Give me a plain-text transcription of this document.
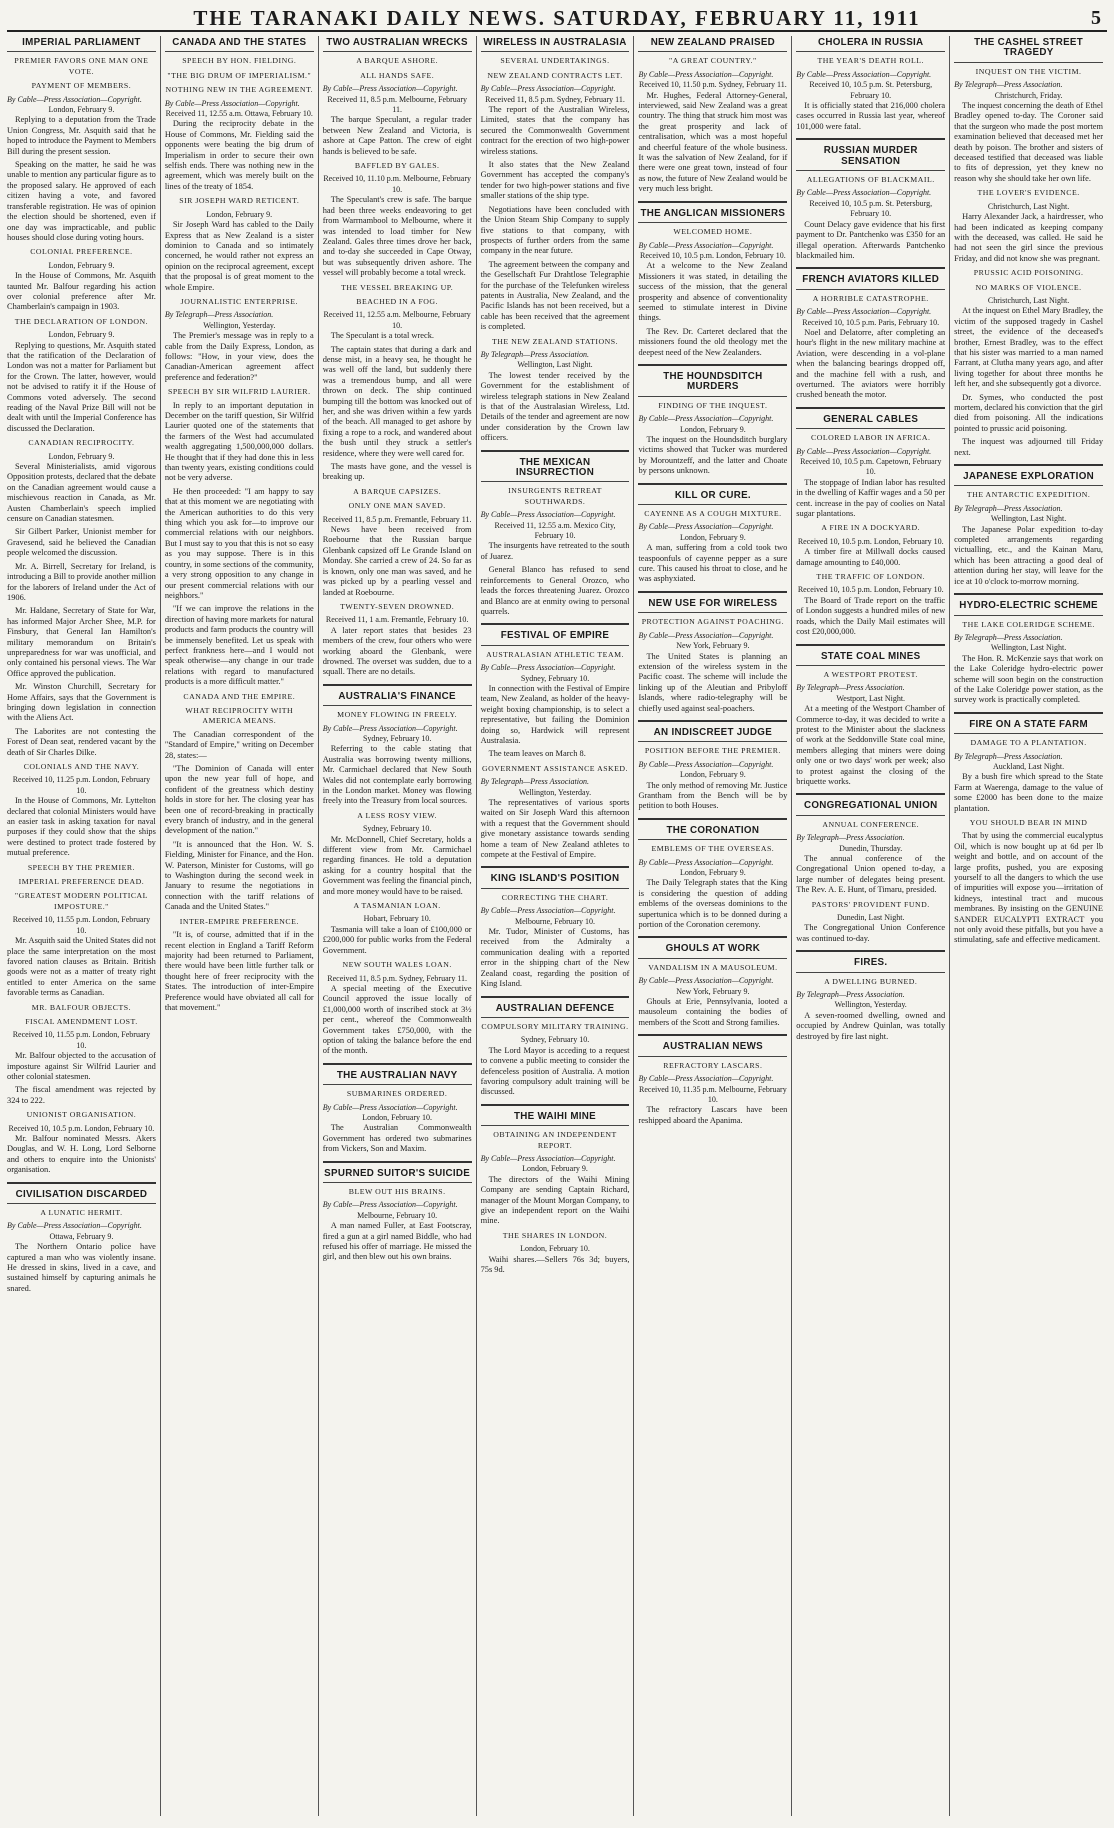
THE TARANAKI DAILY NEWS. SATURDAY, FEBRUARY 11, 1911	5
IMPERIAL PARLIAMENT
PREMIER FAVORS ONE MAN ONE VOTE.
PAYMENT OF MEMBERS.
By Cable—Press Association—Copyright.
London, February 9.

Replying to a deputation from the Trade Union Congress, Mr. Asquith said that he hoped to introduce the Payment to Members Bill during the present session.

Speaking on the matter, he said he was unable to mention any particular figure as to the proposed salary. He approved of each citizen having a vote, and favored transferable registration. He was of opinion the election should be shortened, even if one day was impracticable, and public houses should close during voting hours.

COLONIAL PREFERENCE.
London, February 9.

In the House of Commons, Mr. Asquith taunted Mr. Balfour regarding his action over colonial preference after Mr. Chamberlain's campaign in 1903.

THE DECLARATION OF LONDON.
London, February 9.

Replying to questions, Mr. Asquith stated that the ratification of the Declaration of London was not a matter for Parliament but for the Crown. The latter, however, would not be advised to ratify it if the House of Commons voted adversely. The second reading of the Naval Prize Bill will not be dealt with until the Imperial Conference has discussed the Declaration.

CANADIAN RECIPROCITY.
London, February 9.

Several Ministerialists, amid vigorous Opposition protests, declared that the debate on the Canadian agreement would cause a mischievous reaction in Canada, as Mr. Austen Chamberlain's speech implied censure on Canadian statesmen.

Sir Gilbert Parker, Unionist member for Gravesend, said he believed the Canadian people welcomed the discussion.

Mr. A. Birrell, Secretary for Ireland, is introducing a Bill to provide another million for the laborers of Ireland under the Act of 1906.

Mr. Haldane, Secretary of State for War, has informed Major Archer Shee, M.P. for Finsbury, that General Ian Hamilton's military memorandum on Britain's unpreparedness for war was unofficial, and only contained his personal views. The War Office approved the publication.

Mr. Winston Churchill, Secretary for Home Affairs, says that the Government is bringing down legislation in connection with the Aliens Act.

The Laborites are not contesting the Forest of Dean seat, rendered vacant by the death of Sir Charles Dilke.

COLONIALS AND THE NAVY.
Received 10, 11.25 p.m. London, February 10.

In the House of Commons, Mr. Lyttelton declared that colonial Ministers would have an easier task in asking taxation for naval purposes if they could show that the ships were destined to protect trade fostered by mutual preference.

SPEECH BY THE PREMIER.
IMPERIAL PREFERENCE DEAD.
"GREATEST MODERN POLITICAL IMPOSTURE."
Received 10, 11.55 p.m. London, February 10.

Mr. Asquith said the United States did not place the same interpretation on the most favored nation clauses as Britain. British goods were not as a matter of treaty right entitled to enter America on the same favorable terms as Canadian.

MR. BALFOUR OBJECTS.
FISCAL AMENDMENT LOST.
Received 10, 11.55 p.m. London, February 10.

Mr. Balfour objected to the accusation of imposture against Sir Wilfrid Laurier and other colonial statesmen.

The fiscal amendment was rejected by 324 to 222.

UNIONIST ORGANISATION.
Received 10, 10.5 p.m. London, February 10.

Mr. Balfour nominated Messrs. Akers Douglas, and W. H. Long, Lord Selborne and others to enquire into the Unionists' organisation.

CIVILISATION DISCARDED
A LUNATIC HERMIT.
By Cable—Press Association—Copyright.
Ottawa, February 9.

The Northern Ontario police have captured a man who was violently insane. He dressed in skins, lived in a cave, and sustained himself by capturing animals he snared.

CANADA AND THE STATES
SPEECH BY HON. FIELDING.
"THE BIG DRUM OF IMPERIALISM."
NOTHING NEW IN THE AGREEMENT.
By Cable—Press Association—Copyright.
Received 11, 12.55 a.m. Ottawa, February 10.

During the reciprocity debate in the House of Commons, Mr. Fielding said the opponents were beating the big drum of Imperialism in order to secure their own selfish ends. There was nothing new in the agreement, which was merely built on the lines of the treaty of 1854.

SIR JOSEPH WARD RETICENT.
London, February 9.

Sir Joseph Ward has cabled to the Daily Express that as New Zealand is a sister dominion to Canada and so intimately concerned, he would rather not express an opinion on the reciprocal agreement, except that the proposal is of great moment to the whole Empire.

JOURNALISTIC ENTERPRISE.
By Telegraph—Press Association.
Wellington, Yesterday.

The Premier's message was in reply to a cable from the Daily Express, London, as follows: "How, in your view, does the Canadian-American agreement affect preference and federation?"

SPEECH BY SIR WILFRID LAURIER.

In reply to an important deputation in December on the tariff question, Sir Wilfrid Laurier quoted one of the statements that the farmers of the West had accumulated wealth aggregating 1,500,000,000 dollars. He thought that if they had done this in less than twenty years, existing conditions could not be very adverse.

He then proceeded: "I am happy to say that at this moment we are negotiating with the American authorities to do this very thing which you ask for—to improve our commercial relations with our neighbors. But I must say to you that this is not so easy as you may suppose. There is in this country, in some sections of the community, a very strong opposition to any change in our present commercial relations with our neighbors."

"If we can improve the relations in the direction of having more markets for natural products and farm products the country will be immensely benefited. Let us speak with perfect frankness here—and I would not speak otherwise—any change in our trade relations with regard to manufactured products is a more difficult matter."

CANADA AND THE EMPIRE.
WHAT RECIPROCITY WITH AMERICA MEANS.

The Canadian correspondent of the "Standard of Empire," writing on December 28, states:—

"The Dominion of Canada will enter upon the new year full of hope, and confident of the greatness which destiny holds in store for her. The closing year has been one of record-breaking in practically every branch of industry, and in the general development of the nation."

"It is announced that the Hon. W. S. Fielding, Minister for Finance, and the Hon. W. Paterson, Minister for Customs, will go to Washington during the second week in January to resume the negotiations in connection with the tariff relations of Canada and the United States."

INTER-EMPIRE PREFERENCE.

"It is, of course, admitted that if in the recent election in England a Tariff Reform majority had been returned to Parliament, there would have been little further talk or thought here of freer reciprocity with the States. The introduction of inter-Empire Preference would have obviated all call for that movement."

TWO AUSTRALIAN WRECKS
A BARQUE ASHORE.
ALL HANDS SAFE.
By Cable—Press Association—Copyright.
Received 11, 8.5 p.m. Melbourne, February 11.

The barque Speculant, a regular trader between New Zealand and Victoria, is ashore at Cape Patton. The crew of eight hands is believed to be safe.

BAFFLED BY GALES.
Received 10, 11.10 p.m. Melbourne, February 10.

The Speculant's crew is safe. The barque had been three weeks endeavoring to get from Warrnambool to Melbourne, where it was intended to load timber for New Zealand. Gales three times drove her back, and to-day she succeeded in Cape Otway, but was subsequently driven ashore. The vessel will probably become a total wreck.

THE VESSEL BREAKING UP.
BEACHED IN A FOG.
Received 11, 12.55 a.m. Melbourne, February 10.

The Speculant is a total wreck.

The captain states that during a dark and dense mist, in a heavy sea, he thought he was well off the land, but suddenly there was a tremendous bump, and all were thrown on deck. The ship continued bumping till the bottom was knocked out of her, and she was driven within a few yards of the beach. All managed to get ashore by fixing a rope to a rock, and wandered about the bush until they struck a settler's residence, where they were well cared for.

The masts have gone, and the vessel is breaking up.

A BARQUE CAPSIZES.
ONLY ONE MAN SAVED.
Received 11, 8.5 p.m. Fremantle, February 11.

News have been received from Roebourne that the Russian barque Glenbank capsized off Le Grande Island on Monday. She carried a crew of 24. So far as is known, only one man was saved, and he was picked up by a pearling vessel and landed at Roebourne.

TWENTY-SEVEN DROWNED.
Received 11, 1 a.m. Fremantle, February 10.

A later report states that besides 23 members of the crew, four others who were working aboard the Glenbank, were drowned. The overset was sudden, due to a squall. There are no details.

AUSTRALIA'S FINANCE
MONEY FLOWING IN FREELY.
By Cable—Press Association—Copyright.
Sydney, February 10.

Referring to the cable stating that Australia was borrowing twenty millions, Mr. Carmichael declared that New South Wales did not contemplate early borrowing in the London market. Money was flowing freely into the Treasury from local sources.

A LESS ROSY VIEW.
Sydney, February 10.

Mr. McDonnell, Chief Secretary, holds a different view from Mr. Carmichael regarding finances. He told a deputation asking for a country hospital that the Government was feeling the financial pinch, and more money would have to be raised.

A TASMANIAN LOAN.
Hobart, February 10.

Tasmania will take a loan of £100,000 or £200,000 for public works from the Federal Government.

NEW SOUTH WALES LOAN.
Received 11, 8.5 p.m. Sydney, February 11.

A special meeting of the Executive Council approved the issue locally of £1,000,000 worth of inscribed stock at 3½ per cent., whereof the Commonwealth Government takes £750,000, with the option of taking the balance before the end of the month.

THE AUSTRALIAN NAVY
SUBMARINES ORDERED.
By Cable—Press Association—Copyright.
London, February 10.

The Australian Commonwealth Government has ordered two submarines from Vickers, Son and Maxim.

SPURNED SUITOR'S SUICIDE
BLEW OUT HIS BRAINS.
By Cable—Press Association—Copyright.
Melbourne, February 10.

A man named Fuller, at East Footscray, fired a gun at a girl named Biddle, who had refused his offer of marriage. He missed the girl, and then blew out his own brains.

WIRELESS IN AUSTRALASIA
SEVERAL UNDERTAKINGS.
NEW ZEALAND CONTRACTS LET.
By Cable—Press Association—Copyright.
Received 11, 8.5 p.m. Sydney, February 11.

The report of the Australian Wireless, Limited, states that the company has secured the Commonwealth Government contract for the erection of two high-power wireless stations.

It also states that the New Zealand Government has accepted the company's tender for two high-power stations and five smaller stations of the ship type.

Negotiations have been concluded with the Union Steam Ship Company to supply five stations to that company, with prospects of further orders from the same company in the near future.

The agreement between the company and the Gesellschaft Fur Drahtlose Telegraphie for the purchase of the Telefunken wireless patents in Australia, New Zealand, and the Pacific Islands has not been received, but a cable has been received that the agreement is completed.

THE NEW ZEALAND STATIONS.
By Telegraph—Press Association.
Wellington, Last Night.

The lowest tender received by the Government for the establishment of wireless telegraph stations in New Zealand is that of the Australasian Wireless, Ltd. Details of the tender and agreement are now under consideration by the Crown law officers.

THE MEXICAN INSURRECTION
INSURGENTS RETREAT SOUTHWARDS.
By Cable—Press Association—Copyright.
Received 11, 12.55 a.m. Mexico City, February 10.

The insurgents have retreated to the south of Juarez.

General Blanco has refused to send reinforcements to General Orozco, who leads the forces threatening Juarez. Orozco and Blanco are at enmity owing to personal quarrels.

FESTIVAL OF EMPIRE
AUSTRALASIAN ATHLETIC TEAM.
By Cable—Press Association—Copyright.
Sydney, February 10.

In connection with the Festival of Empire team, New Zealand, as holder of the heavy-weight boxing championship, is to select a representative, but failing the Dominion doing so, Hardwick will represent Australasia.

The team leaves on March 8.

GOVERNMENT ASSISTANCE ASKED.
By Telegraph—Press Association.
Wellington, Yesterday.

The representatives of various sports waited on Sir Joseph Ward this afternoon with a request that the Government should give monetary assistance towards sending home a team of New Zealand athletes to compete at the Festival of Empire.

KING ISLAND'S POSITION
CORRECTING THE CHART.
By Cable—Press Association—Copyright.
Melbourne, February 10.

Mr. Tudor, Minister of Customs, has received from the Admiralty a communication dealing with a reported error in the shipping chart of the New Zealand coast, regarding the position of King Island.

AUSTRALIAN DEFENCE
COMPULSORY MILITARY TRAINING.
Sydney, February 10.

The Lord Mayor is acceding to a request to convene a public meeting to consider the defenceless position of Australia. A motion favoring compulsory adult training will be discussed.

THE WAIHI MINE
OBTAINING AN INDEPENDENT REPORT.
By Cable—Press Association—Copyright.
London, February 9.

The directors of the Waihi Mining Company are sending Captain Richard, manager of the Mount Morgan Company, to give an independent report on the Waihi mine.

THE SHARES IN LONDON.
London, February 10.

Waihi shares.—Sellers 76s 3d; buyers, 75s 9d.

NEW ZEALAND PRAISED
"A GREAT COUNTRY."
By Cable—Press Association—Copyright.
Received 10, 11.50 p.m. Sydney, February 11.

Mr. Hughes, Federal Attorney-General, interviewed, said New Zealand was a great country. The thing that struck him most was the great prosperity and lack of centralisation, which was a most hopeful and cheerful feature of the whole business. It was the salvation of New Zealand, for if there were one great town, instead of four as now, the future of New Zealand would be very much less bright.

THE ANGLICAN MISSIONERS
WELCOMED HOME.
By Cable—Press Association—Copyright.
Received 10, 10.5 p.m. London, February 10.

At a welcome to the New Zealand Missioners it was stated, in detailing the success of the mission, that the general prosperity and absence of conventionality seemed to stimulate interest in Divine things.

The Rev. Dr. Carteret declared that the missioners found the old theology met the deepest need of the New Zealanders.

THE HOUNDSDITCH MURDERS
FINDING OF THE INQUEST.
By Cable—Press Association—Copyright.
London, February 9.

The inquest on the Houndsditch burglary victims showed that Tucker was murdered by Morountzeff, and the latter and Choate by persons unknown.

KILL OR CURE.
CAYENNE AS A COUGH MIXTURE.
By Cable—Press Association—Copyright.
London, February 9.

A man, suffering from a cold took two teaspoonfuls of cayenne pepper as a sure cure. This caused his throat to close, and he was asphyxiated.

NEW USE FOR WIRELESS
PROTECTION AGAINST POACHING.
By Cable—Press Association—Copyright.
New York, February 9.

The United States is planning an extension of the wireless system in the Pacific coast. The scheme will include the linking up of the Aleutian and Pribyloff Islands, where radio-telegraphy will be chiefly used against seal-poachers.

AN INDISCREET JUDGE
POSITION BEFORE THE PREMIER.
By Cable—Press Association—Copyright.
London, February 9.

The only method of removing Mr. Justice Grantham from the Bench will be by petition to both Houses.

THE CORONATION
EMBLEMS OF THE OVERSEAS.
By Cable—Press Association—Copyright.
London, February 9.

The Daily Telegraph states that the King is considering the question of adding emblems of the overseas dominions to the supertunica which is to be donned during a portion of the Coronation ceremony.

GHOULS AT WORK
VANDALISM IN A MAUSOLEUM.
By Cable—Press Association—Copyright.
New York, February 9.

Ghouls at Erie, Pennsylvania, looted a mausoleum containing the bodies of members of the Scott and Strong families.

AUSTRALIAN NEWS
REFRACTORY LASCARS.
By Cable—Press Association—Copyright.
Received 10, 11.35 p.m. Melbourne, February 10.

The refractory Lascars have been reshipped aboard the Apanima.

CHOLERA IN RUSSIA
THE YEAR'S DEATH ROLL.
By Cable—Press Association—Copyright.
Received 10, 10.5 p.m. St. Petersburg, February 10.

It is officially stated that 216,000 cholera cases occurred in Russia last year, whereof 101,000 were fatal.

RUSSIAN MURDER SENSATION
ALLEGATIONS OF BLACKMAIL.
By Cable—Press Association—Copyright.
Received 10, 10.5 p.m. St. Petersburg, February 10.

Count Delacy gave evidence that his first payment to Dr. Pantchenko was £350 for an illegal operation. Afterwards Pantchenko blackmailed him.

FRENCH AVIATORS KILLED
A HORRIBLE CATASTROPHE.
By Cable—Press Association—Copyright.
Received 10, 10.5 p.m. Paris, February 10.

Noel and Delatorre, after completing an hour's flight in the new military machine at Aviation, were descending in a vol-plane when the balancing bearings dropped off, and the machine fell with a rush, and overturned. The aviators were horribly crushed beneath the motor.

GENERAL CABLES
COLORED LABOR IN AFRICA.
By Cable—Press Association—Copyright.
Received 10, 10.5 p.m. Capetown, February 10.

The stoppage of Indian labor has resulted in the dwelling of Kaffir wages and a 50 per cent. increase in the pay of coolies on Natal sugar plantations.

A FIRE IN A DOCKYARD.
Received 10, 10.5 p.m. London, February 10.

A timber fire at Millwall docks caused damage amounting to £40,000.

THE TRAFFIC OF LONDON.
Received 10, 10.5 p.m. London, February 10.

The Board of Trade report on the traffic of London suggests a hundred miles of new roads, which the Daily Mail estimates will cost £20,000,000.

STATE COAL MINES
A WESTPORT PROTEST.
By Telegraph—Press Association.
Westport, Last Night.

At a meeting of the Westport Chamber of Commerce to-day, it was decided to write a protest to the Minister about the slackness of work at the Seddonville State coal mine, members alleging that miners were doing only one or two days' work per week; also to protest against the closing of the briquette works.

CONGREGATIONAL UNION
ANNUAL CONFERENCE.
By Telegraph—Press Association.
Dunedin, Thursday.

The annual conference of the Congregational Union opened to-day, a large number of delegates being present. The Rev. A. E. Hunt, of Timaru, presided.

PASTORS' PROVIDENT FUND.
Dunedin, Last Night.

The Congregational Union Conference was continued to-day.

FIRES.
A DWELLING BURNED.
By Telegraph—Press Association.
Wellington, Yesterday.

A seven-roomed dwelling, owned and occupied by Andrew Quinlan, was totally destroyed by fire last night.

THE CASHEL STREET TRAGEDY
INQUEST ON THE VICTIM.
By Telegraph—Press Association.
Christchurch, Friday.

The inquest concerning the death of Ethel Bradley opened to-day. The Coroner said that the surgeon who made the post mortem examination believed that deceased met her death by poison. The brother and sisters of deceased testified that deceased was liable to fits of depression, yet they knew no reason why she should take her own life.

THE LOVER'S EVIDENCE.
Christchurch, Last Night.

Harry Alexander Jack, a hairdresser, who had been indicated as keeping company with the deceased, was called. He said he had not seen the girl since the previous Friday, and did not know she was pregnant.

PRUSSIC ACID POISONING.
NO MARKS OF VIOLENCE.
Christchurch, Last Night.

At the inquest on Ethel Mary Bradley, the victim of the supposed tragedy in Cashel street, the evidence of the deceased's brother, Ernest Bradley, was to the effect that his sister was married to a man named Farrant, at Clutha many years ago, and after living together for about three months he left her, and she subsequently got a divorce.

Dr. Symes, who conducted the post mortem, declared his conviction that the girl died from poisoning. All the indications pointed to prussic acid poisoning.

The inquest was adjourned till Friday next.

JAPANESE EXPLORATION
THE ANTARCTIC EXPEDITION.
By Telegraph—Press Association.
Wellington, Last Night.

The Japanese Polar expedition to-day completed arrangements regarding victualling, etc., and the Kainan Maru, which has been attracting a good deal of attention during her stay, will leave for the ice at 10 o'clock to-morrow morning.

HYDRO-ELECTRIC SCHEME
THE LAKE COLERIDGE SCHEME.
By Telegraph—Press Association.
Wellington, Last Night.

The Hon. R. McKenzie says that work on the Lake Coleridge hydro-electric power scheme will soon begin on the construction of the Lake Coleridge power station, as the survey work is practically completed.

FIRE ON A STATE FARM
DAMAGE TO A PLANTATION.
By Telegraph—Press Association.
Auckland, Last Night.

By a bush fire which spread to the State Farm at Waerenga, damage to the value of some £2000 has been done to the maize plantation.

YOU SHOULD BEAR IN MIND

That by using the commercial eucalyptus Oil, which is now bought up at 6d per lb weight and bottle, and on account of the large profits, pushed, you are exposing yourself to all the dangers to which the use of impurities will expose you—irritation of kidneys, intestinal tract and mucous membranes. By insisting on the GENUINE SANDER EUCALYPTI EXTRACT you not only avoid these pitfalls, but you have a stimulating, safe and effective medicament.
